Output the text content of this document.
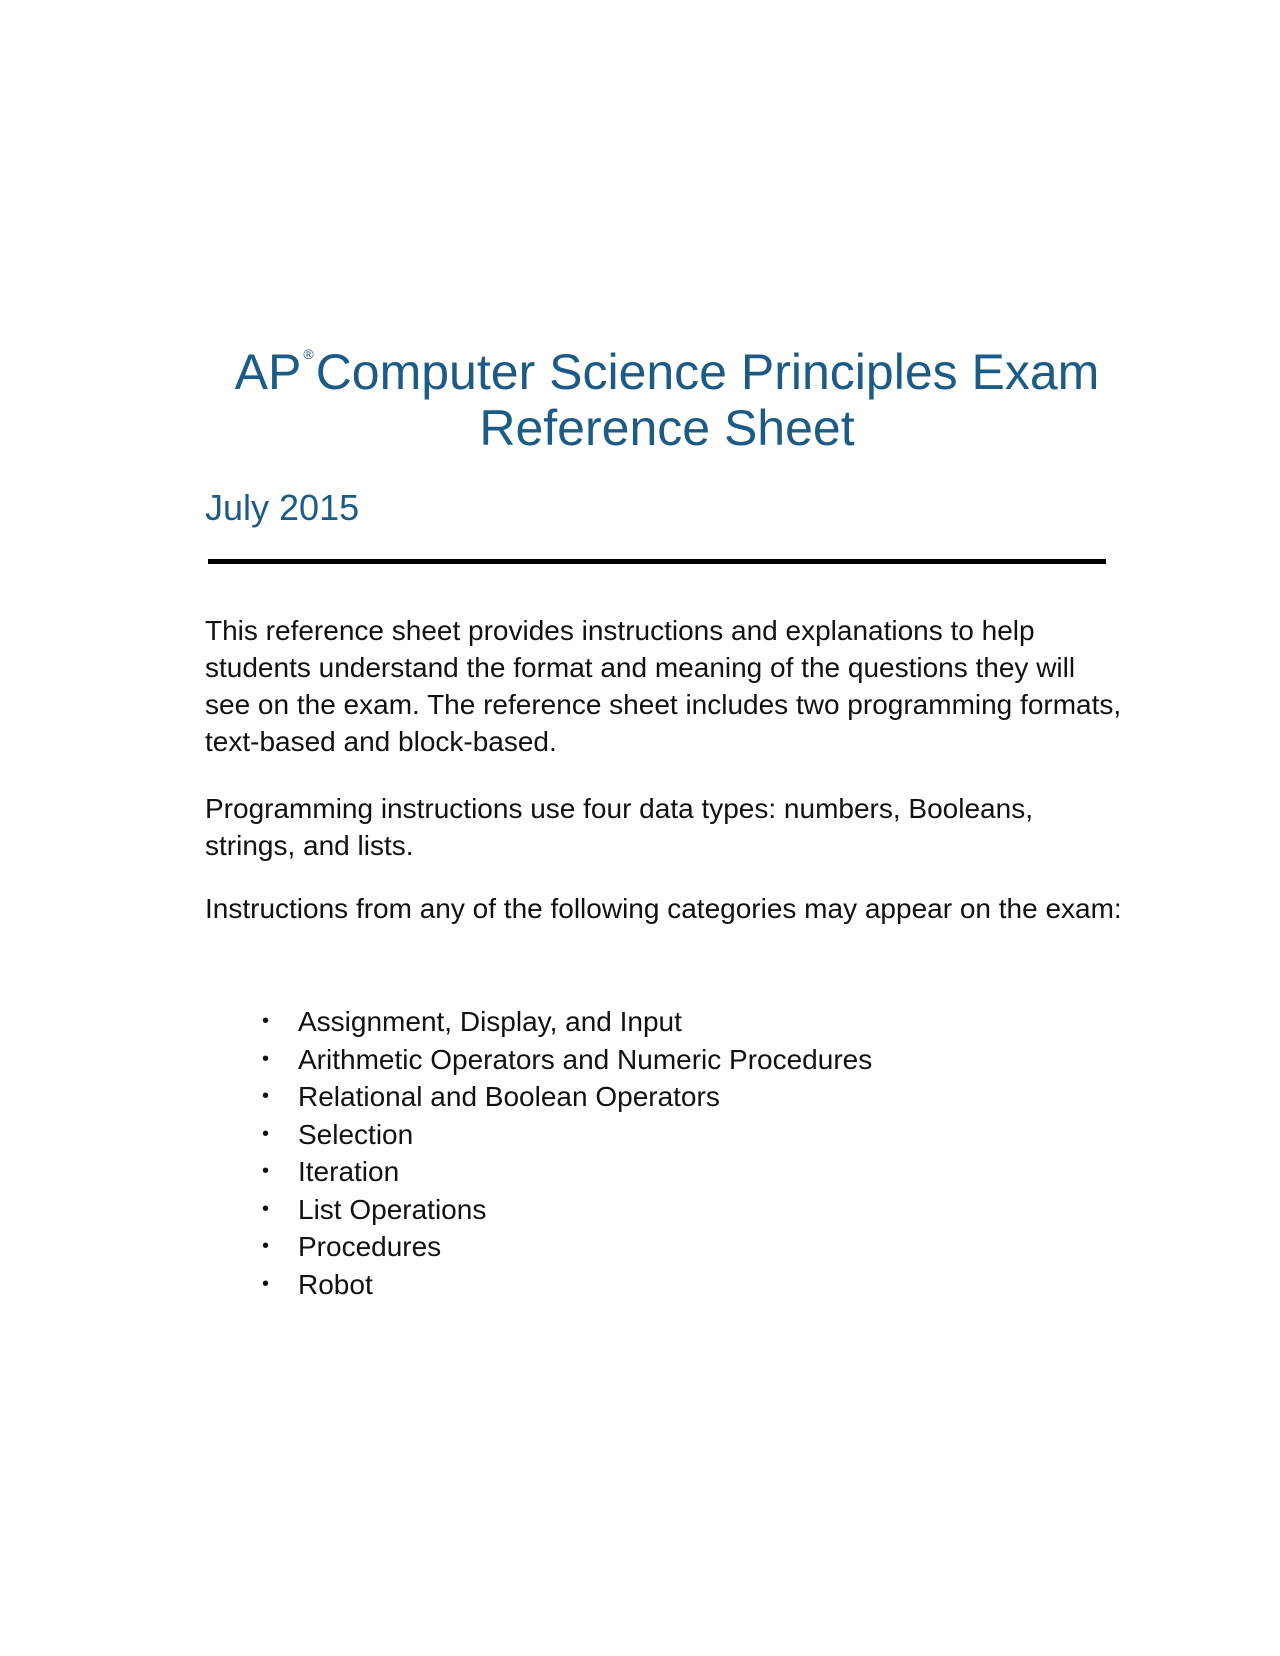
AP ®Computer Science Principles Exam
Reference Sheet

July 2015

This reference sheet provides instructions and explanations to help students understand the format and meaning of the questions they will see on the exam. The reference sheet includes two programming formats, text-based and block-based.

Programming instructions use four data types: numbers, Booleans, strings, and lists.

Instructions from any of the following categories may appear on the exam:

• Assignment, Display, and Input
• Arithmetic Operators and Numeric Procedures
• Relational and Boolean Operators
• Selection
• Iteration
• List Operations
• Procedures
• Robot
